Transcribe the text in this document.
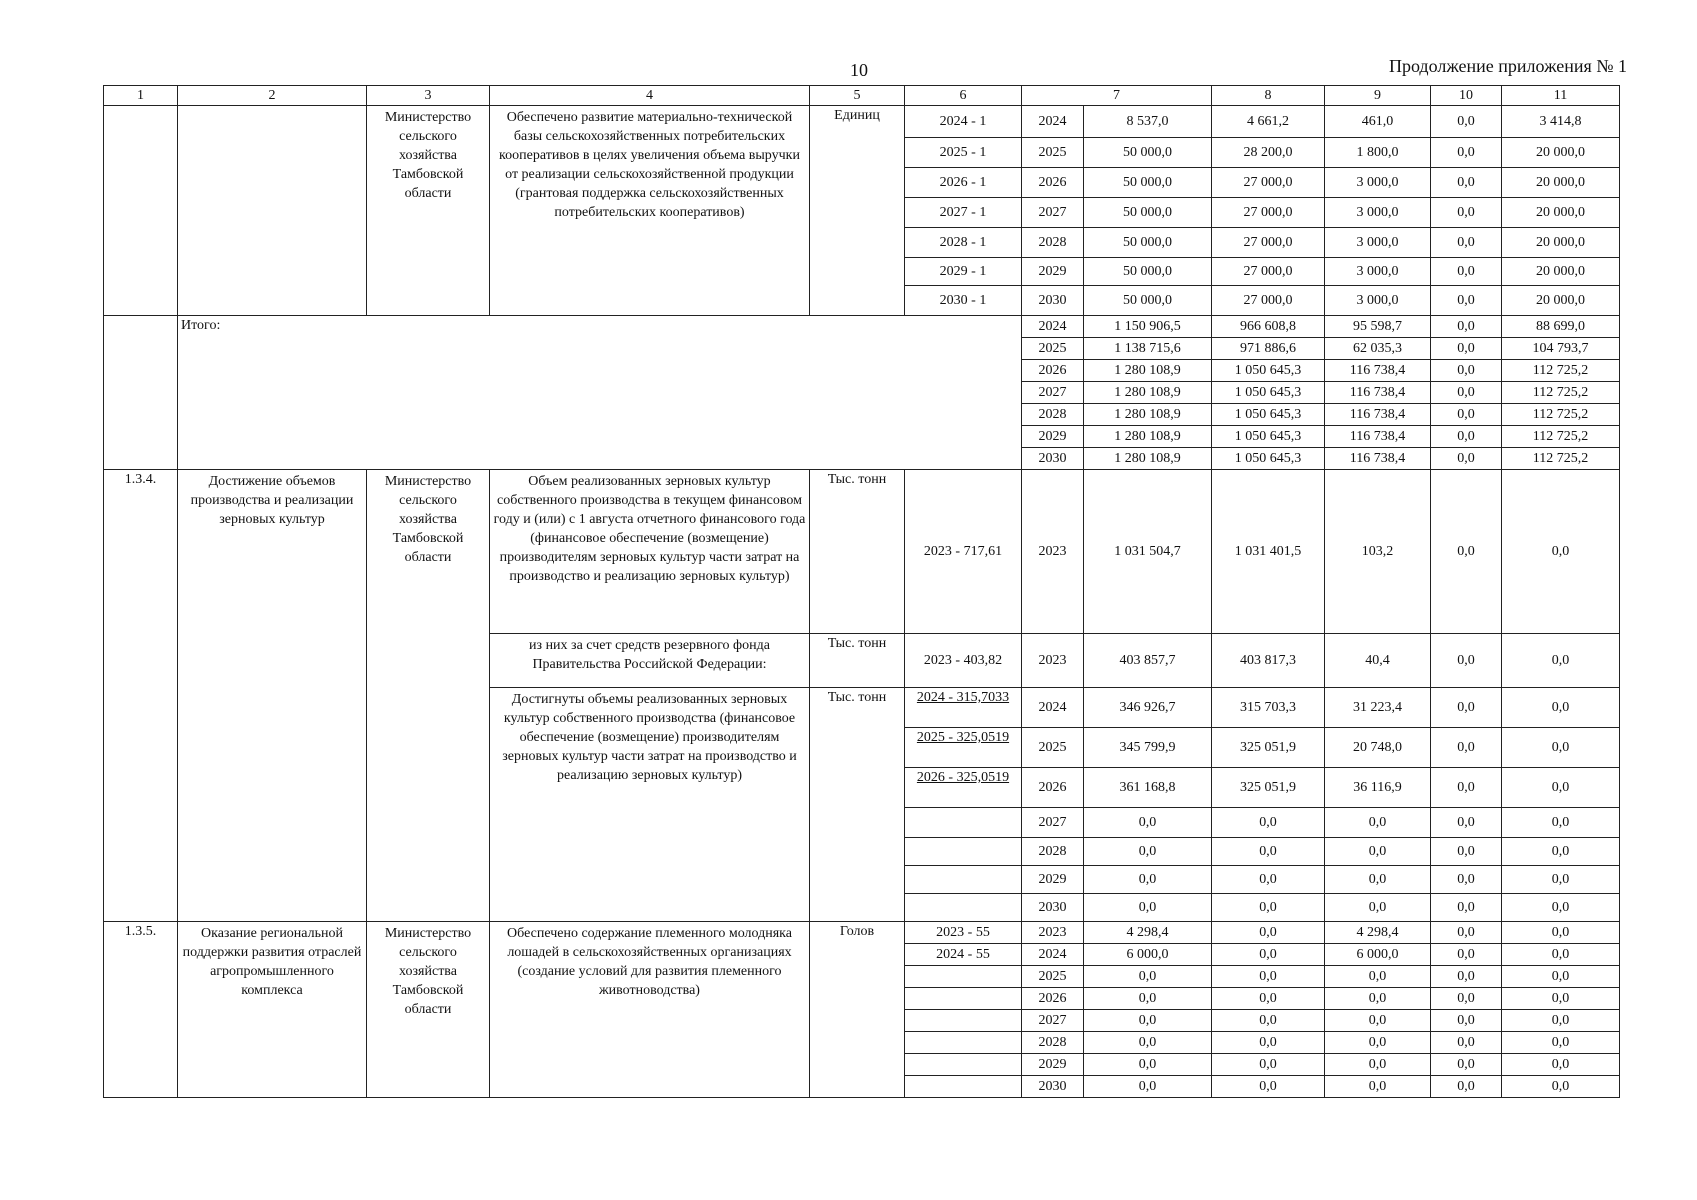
10	Продолжение приложения № 1
1	2	3	4	5	6	7		8	9	10	11
		Министерство сельского хозяйства Тамбовской области	Обеспечено развитие материально-технической базы сельскохозяйственных потребительских кооперативов в целях увеличения объема выручки от реализации сельскохозяйственной продукции (грантовая поддержка сельскохозяйственных потребительских кооперативов)	Единиц	2024 - 1	2024	8 537,0	4 661,2	461,0	0,0	3 414,8
					2025 - 1	2025	50 000,0	28 200,0	1 800,0	0,0	20 000,0
					2026 - 1	2026	50 000,0	27 000,0	3 000,0	0,0	20 000,0
					2027 - 1	2027	50 000,0	27 000,0	3 000,0	0,0	20 000,0
					2028 - 1	2028	50 000,0	27 000,0	3 000,0	0,0	20 000,0
					2029 - 1	2029	50 000,0	27 000,0	3 000,0	0,0	20 000,0
					2030 - 1	2030	50 000,0	27 000,0	3 000,0	0,0	20 000,0
	Итого:					2024	1 150 906,5	966 608,8	95 598,7	0,0	88 699,0
						2025	1 138 715,6	971 886,6	62 035,3	0,0	104 793,7
						2026	1 280 108,9	1 050 645,3	116 738,4	0,0	112 725,2
						2027	1 280 108,9	1 050 645,3	116 738,4	0,0	112 725,2
						2028	1 280 108,9	1 050 645,3	116 738,4	0,0	112 725,2
						2029	1 280 108,9	1 050 645,3	116 738,4	0,0	112 725,2
						2030	1 280 108,9	1 050 645,3	116 738,4	0,0	112 725,2
1.3.4.	Достижение объемов производства и реализации зерновых культур	Министерство сельского хозяйства Тамбовской области	Объем реализованных зерновых культур собственного производства в текущем финансовом году и (или) с 1 августа отчетного финансового года (финансовое обеспечение (возмещение) производителям зерновых культур части затрат на производство и реализацию зерновых культур)	Тыс. тонн	2023 - 717,61	2023	1 031 504,7	1 031 401,5	103,2	0,0	0,0
			из них за счет средств резервного фонда Правительства Российской Федерации:	Тыс. тонн	2023 - 403,82	2023	403 857,7	403 817,3	40,4	0,0	0,0
			Достигнуты объемы реализованных зерновых культур собственного производства (финансовое обеспечение (возмещение) производителям зерновых культур части затрат на производство и реализацию зерновых культур)	Тыс. тонн	2024 - 315,7033	2024	346 926,7	315 703,3	31 223,4	0,0	0,0
					2025 - 325,0519	2025	345 799,9	325 051,9	20 748,0	0,0	0,0
					2026 - 325,0519	2026	361 168,8	325 051,9	36 116,9	0,0	0,0
						2027	0,0	0,0	0,0	0,0	0,0
						2028	0,0	0,0	0,0	0,0	0,0
						2029	0,0	0,0	0,0	0,0	0,0
						2030	0,0	0,0	0,0	0,0	0,0
1.3.5.	Оказание региональной поддержки развития отраслей агропромышленного комплекса	Министерство сельского хозяйства Тамбовской области	Обеспечено содержание племенного молодняка лошадей в сельскохозяйственных организациях (создание условий для развития племенного животноводства)	Голов	2023 - 55	2023	4 298,4	0,0	4 298,4	0,0	0,0
					2024 - 55	2024	6 000,0	0,0	6 000,0	0,0	0,0
						2025	0,0	0,0	0,0	0,0	0,0
						2026	0,0	0,0	0,0	0,0	0,0
						2027	0,0	0,0	0,0	0,0	0,0
						2028	0,0	0,0	0,0	0,0	0,0
						2029	0,0	0,0	0,0	0,0	0,0
						2030	0,0	0,0	0,0	0,0	0,0
